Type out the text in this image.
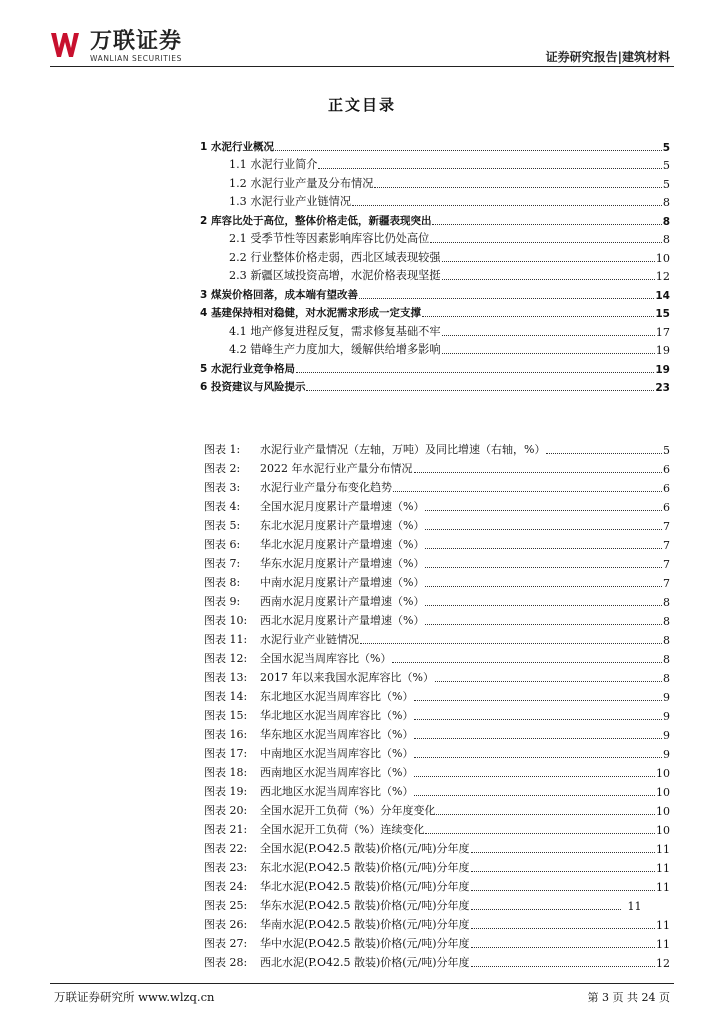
万联证券
WANLIAN SECURITIES	证券研究报告|建筑材料
正文目录
1 水泥行业概况	5
1.1 水泥行业简介	5
1.2 水泥行业产量及分布情况	5
1.3 水泥行业产业链情况	8
2 库容比处于高位，整体价格走低，新疆表现突出	8
2.1 受季节性等因素影响库容比仍处高位	8
2.2 行业整体价格走弱，西北区域表现较强	10
2.3 新疆区域投资高增，水泥价格表现坚挺	12
3 煤炭价格回落，成本端有望改善	14
4 基建保持相对稳健，对水泥需求形成一定支撑	15
4.1 地产修复进程反复，需求修复基础不牢	17
4.2 错峰生产力度加大，缓解供给增多影响	19
5 水泥行业竞争格局	19
6 投资建议与风险提示	23
图表 1:	水泥行业产量情况（左轴，万吨）及同比增速（右轴，%）	5
图表 2:	2022 年水泥行业产量分布情况	6
图表 3:	水泥行业产量分布变化趋势	6
图表 4:	全国水泥月度累计产量增速（%）	6
图表 5:	东北水泥月度累计产量增速（%）	7
图表 6:	华北水泥月度累计产量增速（%）	7
图表 7:	华东水泥月度累计产量增速（%）	7
图表 8:	中南水泥月度累计产量增速（%）	7
图表 9:	西南水泥月度累计产量增速（%）	8
图表 10:	西北水泥月度累计产量增速（%）	8
图表 11:	水泥行业产业链情况	8
图表 12:	全国水泥当周库容比（%）	8
图表 13:	2017 年以来我国水泥库容比（%）	8
图表 14:	东北地区水泥当周库容比（%）	9
图表 15:	华北地区水泥当周库容比（%）	9
图表 16:	华东地区水泥当周库容比（%）	9
图表 17:	中南地区水泥当周库容比（%）	9
图表 18:	西南地区水泥当周库容比（%）	10
图表 19:	西北地区水泥当周库容比（%）	10
图表 20:	全国水泥开工负荷（%）分年度变化	10
图表 21:	全国水泥开工负荷（%）连续变化	10
图表 22:	全国水泥(P.O42.5 散装)价格(元/吨)分年度	11
图表 23:	东北水泥(P.O42.5 散装)价格(元/吨)分年度	11
图表 24:	华北水泥(P.O42.5 散装)价格(元/吨)分年度	11
图表 25:	华东水泥(P.O42.5 散装)价格(元/吨)分年度	11
图表 26:	华南水泥(P.O42.5 散装)价格(元/吨)分年度	11
图表 27:	华中水泥(P.O42.5 散装)价格(元/吨)分年度	11
图表 28:	西北水泥(P.O42.5 散装)价格(元/吨)分年度	12
万联证券研究所 www.wlzq.cn	第 3 页 共 24 页
